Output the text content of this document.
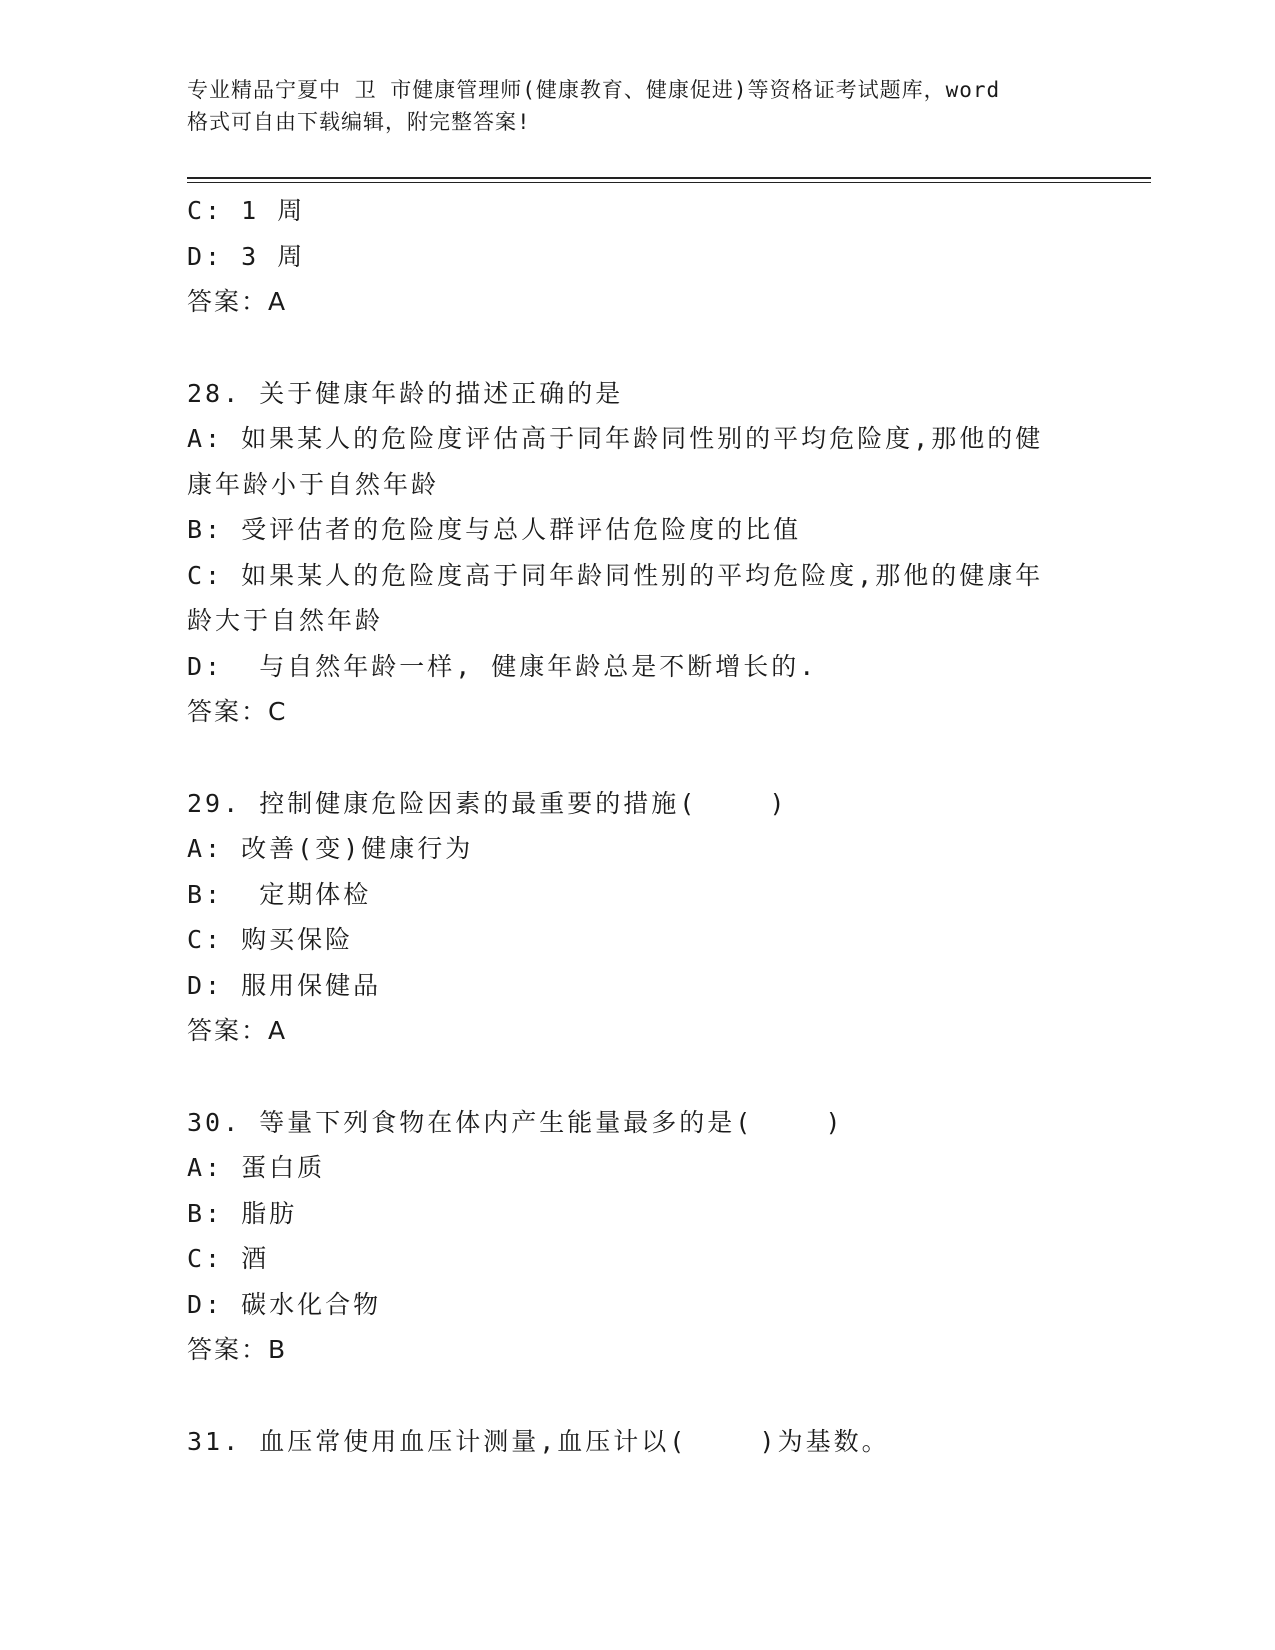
专业精品宁夏中 卫 市健康管理师(健康教育、健康促进)等资格证考试题库，word
格式可自由下载编辑，附完整答案!
C: 1 周
D: 3 周
答案：A
28. 关于健康年龄的描述正确的是
A: 如果某人的危险度评估高于同年龄同性别的平均危险度,那他的健
康年龄小于自然年龄
B: 受评估者的危险度与总人群评估危险度的比值
C: 如果某人的危险度高于同年龄同性别的平均危险度,那他的健康年
龄大于自然年龄
D:  与自然年龄一样, 健康年龄总是不断增长的.
答案：C
29. 控制健康危险因素的最重要的措施(    )
A: 改善(变)健康行为
B:  定期体检
C: 购买保险
D: 服用保健品
答案：A
30. 等量下列食物在体内产生能量最多的是(    )
A: 蛋白质
B: 脂肪
C: 酒
D: 碳水化合物
答案：B
31. 血压常使用血压计测量,血压计以(    )为基数。
